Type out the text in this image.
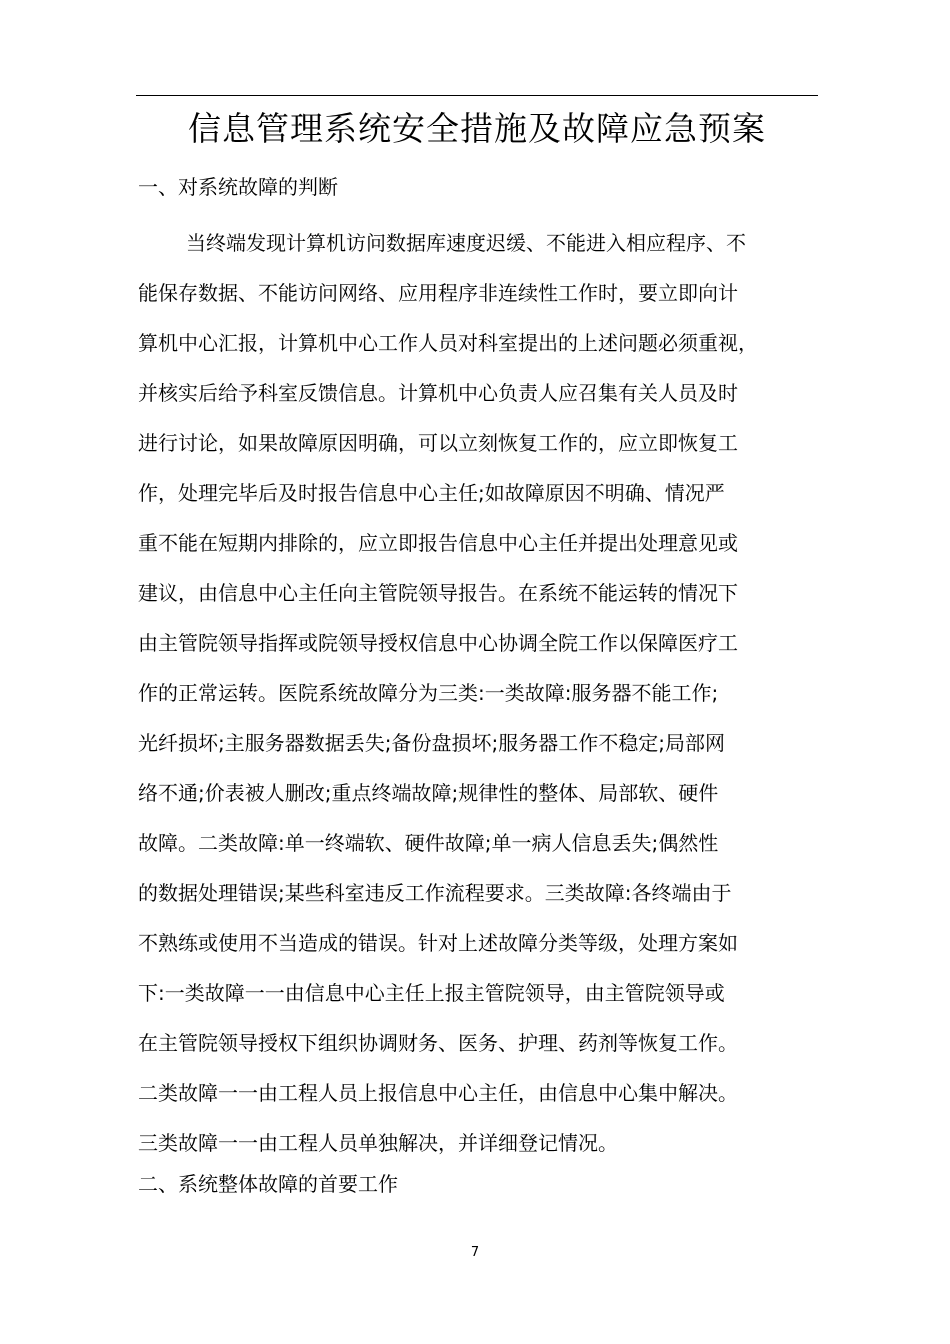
信息管理系统安全措施及故障应急预案
一、对系统故障的判断
当终端发现计算机访问数据库速度迟缓、不能进入相应程序、不
能保存数据、不能访问网络、应用程序非连续性工作时，要立即向计
算机中心汇报，计算机中心工作人员对科室提出的上述问题必须重视，
并核实后给予科室反馈信息。计算机中心负责人应召集有关人员及时
进行讨论，如果故障原因明确，可以立刻恢复工作的，应立即恢复工
作，处理完毕后及时报告信息中心主任;如故障原因不明确、情况严
重不能在短期内排除的，应立即报告信息中心主任并提出处理意见或
建议，由信息中心主任向主管院领导报告。在系统不能运转的情况下
由主管院领导指挥或院领导授权信息中心协调全院工作以保障医疗工
作的正常运转。医院系统故障分为三类:一类故障:服务器不能工作;
光纤损坏;主服务器数据丢失;备份盘损坏;服务器工作不稳定;局部网
络不通;价表被人删改;重点终端故障;规律性的整体、局部软、硬件
故障。二类故障:单一终端软、硬件故障;单一病人信息丢失;偶然性
的数据处理错误;某些科室违反工作流程要求。三类故障:各终端由于
不熟练或使用不当造成的错误。针对上述故障分类等级，处理方案如
下:一类故障一一由信息中心主任上报主管院领导，由主管院领导或
在主管院领导授权下组织协调财务、医务、护理、药剂等恢复工作。
二类故障一一由工程人员上报信息中心主任，由信息中心集中解决。
三类故障一一由工程人员单独解决，并详细登记情况。
二、系统整体故障的首要工作
7
